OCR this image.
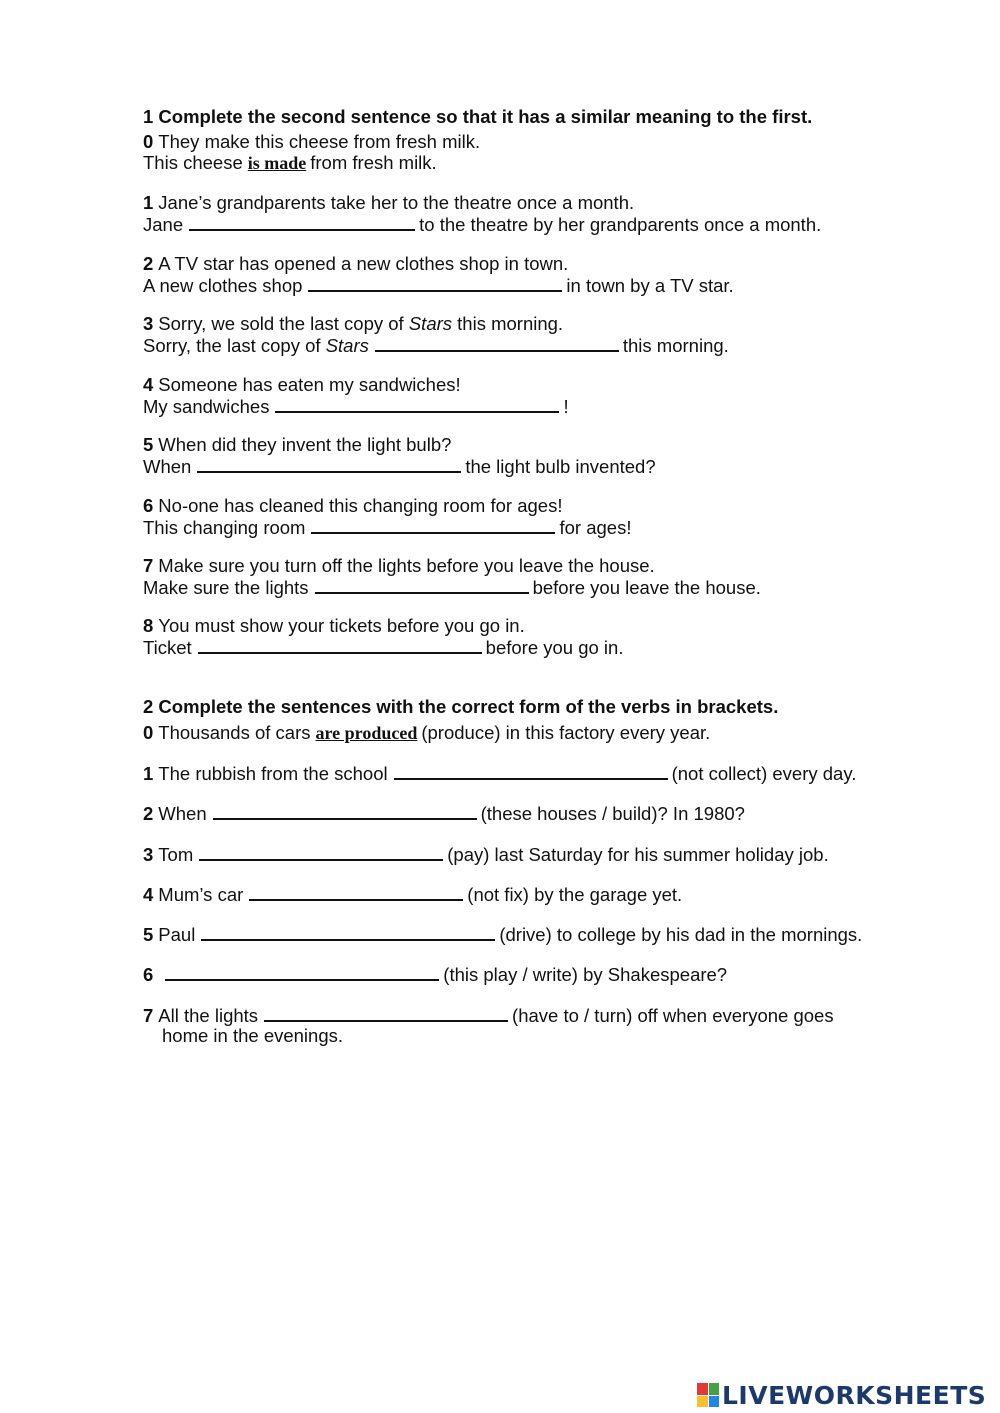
1 Complete the second sentence so that it has a similar meaning to the first.
0 They make this cheese from fresh milk.
This cheese is made from fresh milk.
1 Jane’s grandparents take her to the theatre once a month.
Jane	to the theatre by her grandparents once a month.
2 A TV star has opened a new clothes shop in town.
A new clothes shop	in town by a TV star.
3 Sorry, we sold the last copy of Stars this morning.
Sorry, the last copy of Stars	this morning.
4 Someone has eaten my sandwiches!
My sandwiches	!
5 When did they invent the light bulb?
When	the light bulb invented?
6 No-one has cleaned this changing room for ages!
This changing room	for ages!
7 Make sure you turn off the lights before you leave the house.
Make sure the lights	before you leave the house.
8 You must show your tickets before you go in.
Ticket	before you go in.
2 Complete the sentences with the correct form of the verbs in brackets.
0 Thousands of cars are produced (produce) in this factory every year.
1 The rubbish from the school	(not collect) every day.
2 When	(these houses / build)? In 1980?
3 Tom	(pay) last Saturday for his summer holiday job.
4 Mum’s car	(not fix) by the garage yet.
5 Paul	(drive) to college by his dad in the mornings.
6	(this play / write) by Shakespeare?
7 All the lights	(have to / turn) off when everyone goes
home in the evenings.
LIVEWORKSHEETS
